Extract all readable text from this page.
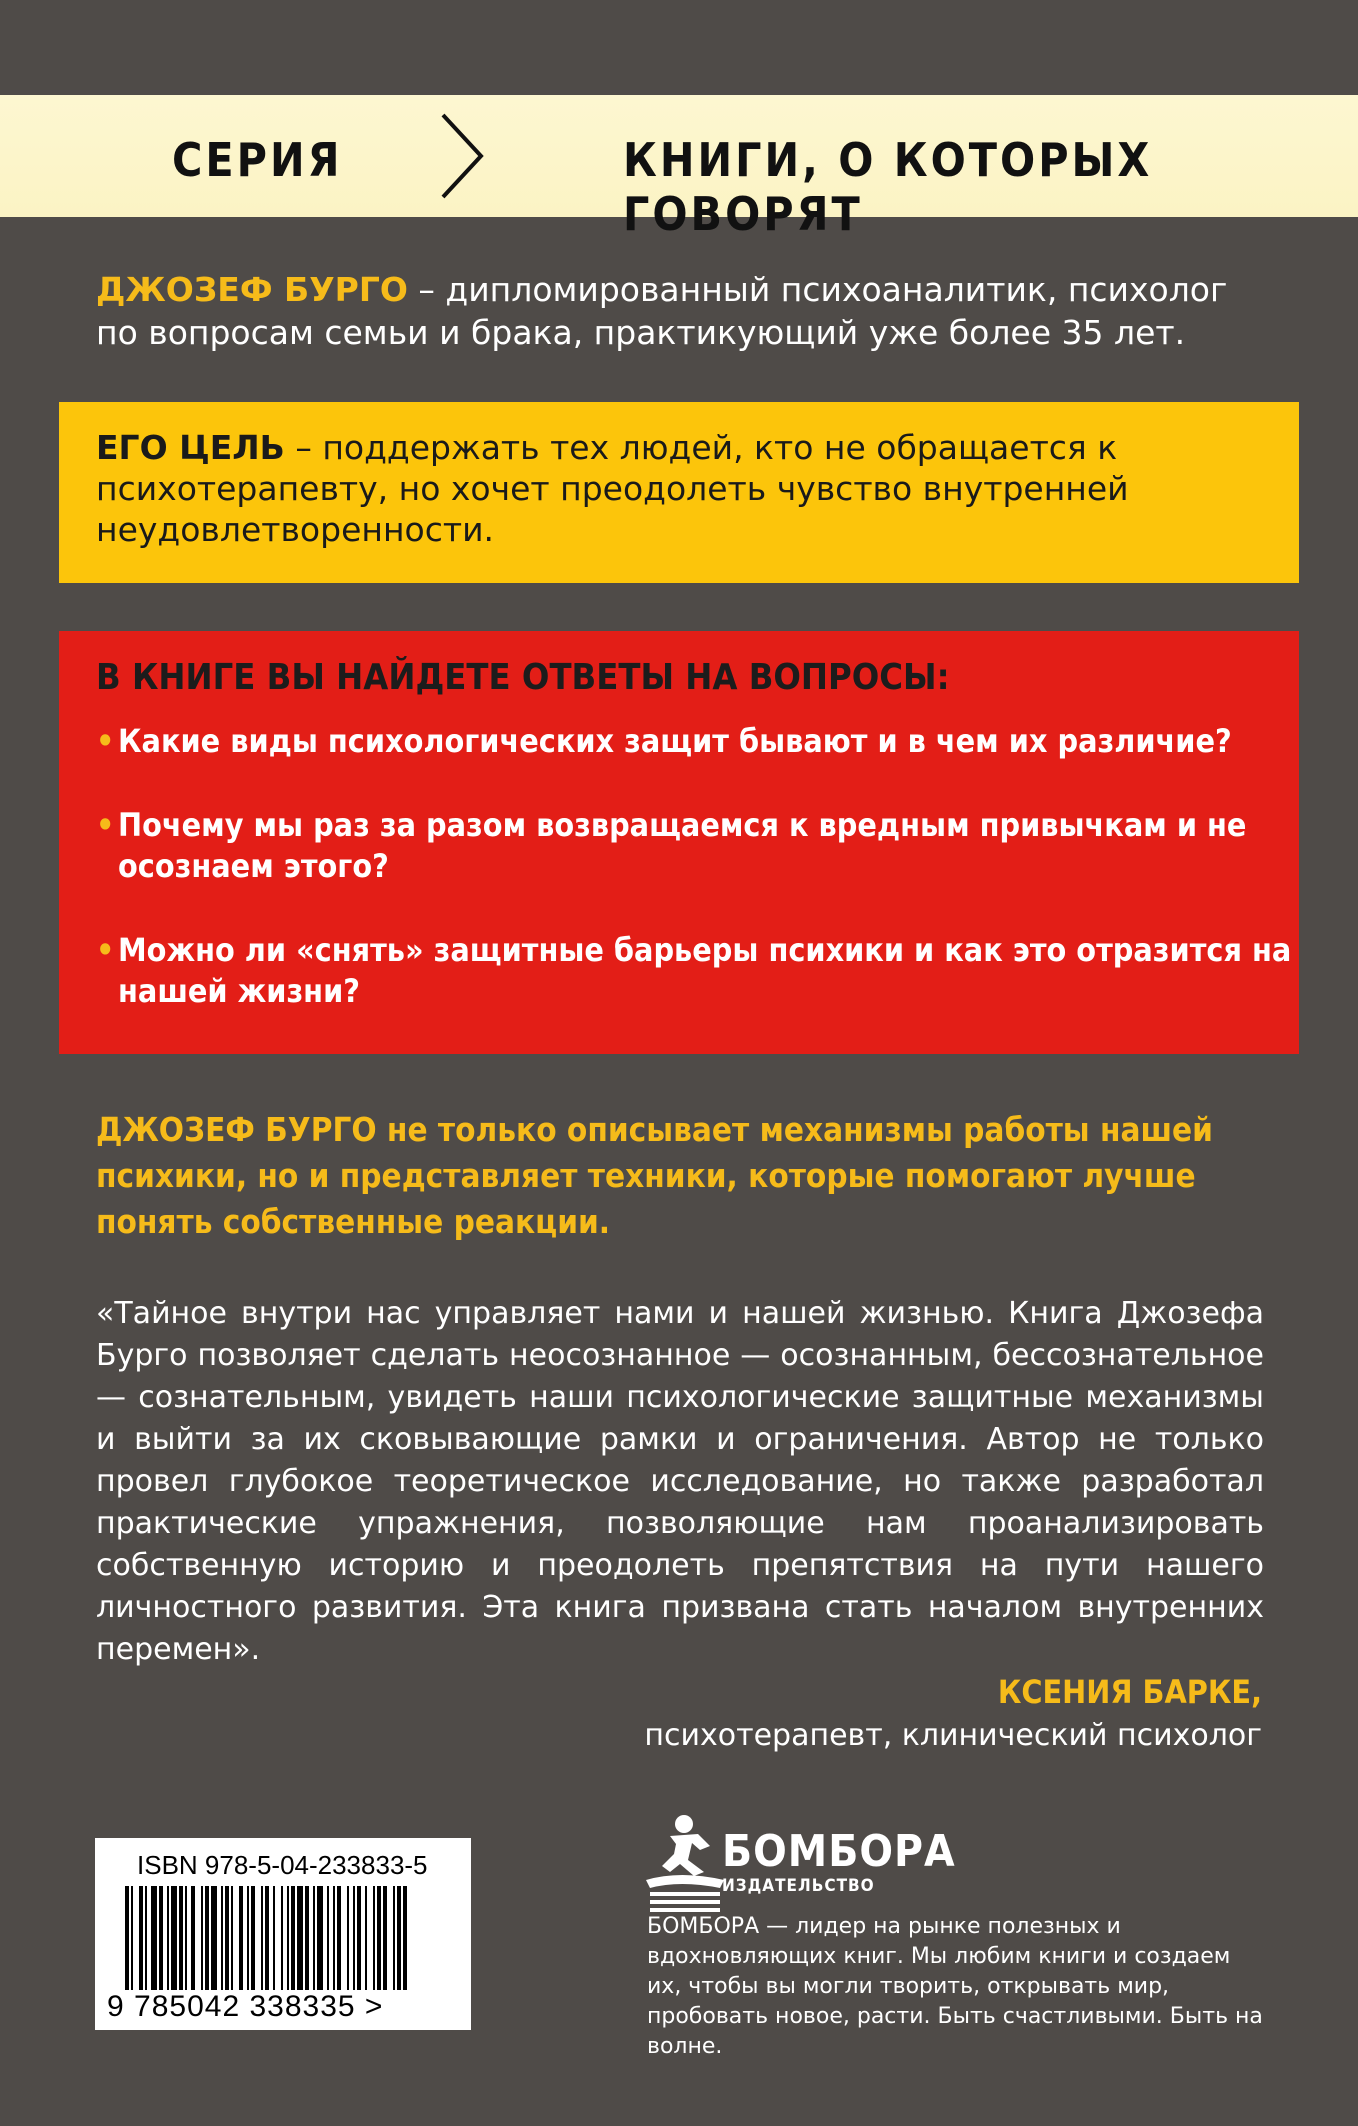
СЕРИЯ	КНИГИ, О КОТОРЫХ ГОВОРЯТ
ДЖОЗЕФ БУРГО – дипломированный психоаналитик, психолог по вопросам семьи и брака, практикующий уже более 35 лет.
ЕГО ЦЕЛЬ – поддержать тех людей, кто не обращается к психотерапевту, но хочет преодолеть чувство внутренней неудовлетворенности.
В КНИГЕ ВЫ НАЙДЕТЕ ОТВЕТЫ НА ВОПРОСЫ:
• Какие виды психологических защит бывают и в чем их различие?
• Почему мы раз за разом возвращаемся к вредным привычкам и не осознаем этого?
• Можно ли «снять» защитные барьеры психики и как это отразится на нашей жизни?
ДЖОЗЕФ БУРГО не только описывает механизмы работы нашей психики, но и представляет техники, которые помогают лучше понять собственные реакции.
«Тайное внутри нас управляет нами и нашей жизнью. Книга Джозефа Бурго позволяет сделать неосознанное — осознанным, бессознательное — сознательным, увидеть наши психологические защитные механизмы и выйти за их сковывающие рамки и ограничения. Автор не только провел глубокое теоретическое исследование, но также разработал практические упражнения, позволяющие нам проанализировать собственную историю и преодолеть препятствия на пути нашего личностного развития. Эта книга призвана стать началом внутренних перемен».
КСЕНИЯ БАРКЕ,
психотерапевт, клинический психолог
ISBN 978-5-04-233833-5
9 785042 338335 >
БОМБОРА
ИЗДАТЕЛЬСТВО
БОМБОРА — лидер на рынке полезных и вдохновляющих книг. Мы любим книги и создаем их, чтобы вы могли творить, открывать мир, пробовать новое, расти. Быть счастливыми. Быть на волне.
